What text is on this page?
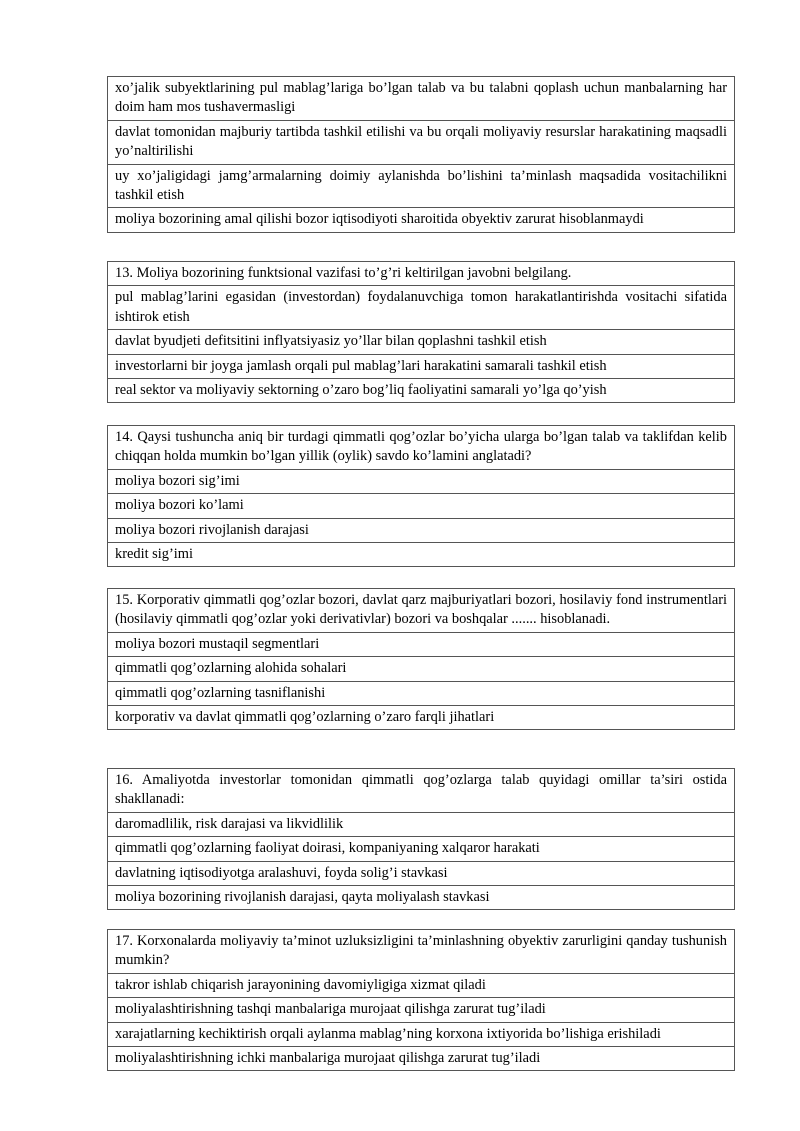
xo’jalik subyektlarining pul mablag’lariga bo’lgan talab va bu talabni qoplash uchun manbalarning har doim ham mos tushavermasligi
davlat tomonidan majburiy tartibda tashkil etilishi va bu orqali moliyaviy resurslar harakatining maqsadli yo’naltirilishi
uy xo’jaligidagi jamg’armalarning doimiy aylanishda bo’lishini ta’minlash maqsadida vositachilikni tashkil etish
moliya bozorining amal qilishi bozor iqtisodiyoti sharoitida obyektiv zarurat hisoblanmaydi
13. Moliya bozorining funktsional vazifasi to’g’ri keltirilgan javobni belgilang.
pul mablag’larini egasidan (investordan) foydalanuvchiga tomon harakatlantirishda vositachi sifatida ishtirok etish
davlat byudjeti defitsitini inflyatsiyasiz yo’llar bilan qoplashni tashkil etish
investorlarni bir joyga jamlash orqali pul mablag’lari harakatini samarali tashkil etish
real sektor va moliyaviy sektorning o’zaro bog’liq faoliyatini samarali yo’lga qo’yish
14. Qaysi tushuncha aniq bir turdagi qimmatli qog’ozlar bo’yicha ularga bo’lgan talab va taklifdan kelib chiqqan holda mumkin bo’lgan yillik (oylik) savdo ko’lamini anglatadi?
moliya bozori sig’imi
moliya bozori ko’lami
moliya bozori rivojlanish darajasi
kredit sig’imi
15. Korporativ qimmatli qog’ozlar bozori, davlat qarz majburiyatlari bozori, hosilaviy fond instrumentlari (hosilaviy qimmatli qog’ozlar yoki derivativlar) bozori va boshqalar ....... hisoblanadi.
moliya bozori mustaqil segmentlari
qimmatli qog’ozlarning alohida sohalari
qimmatli qog’ozlarning tasniflanishi
korporativ va davlat qimmatli qog’ozlarning o’zaro farqli jihatlari
16. Amaliyotda investorlar tomonidan qimmatli qog’ozlarga talab quyidagi omillar ta’siri ostida shakllanadi:
daromadlilik, risk darajasi va likvidlilik
qimmatli qog’ozlarning faoliyat doirasi, kompaniyaning xalqaror harakati
davlatning iqtisodiyotga aralashuvi, foyda solig’i stavkasi
moliya bozorining rivojlanish darajasi, qayta moliyalash stavkasi
17. Korxonalarda moliyaviy ta’minot uzluksizligini ta’minlashning obyektiv zarurligini qanday tushunish mumkin?
takror ishlab chiqarish jarayonining davomiyligiga xizmat qiladi
moliyalashtirishning tashqi manbalariga murojaat qilishga zarurat tug’iladi
xarajatlarning kechiktirish orqali aylanma mablag’ning korxona ixtiyorida bo’lishiga erishiladi
moliyalashtirishning ichki manbalariga murojaat qilishga zarurat tug’iladi
